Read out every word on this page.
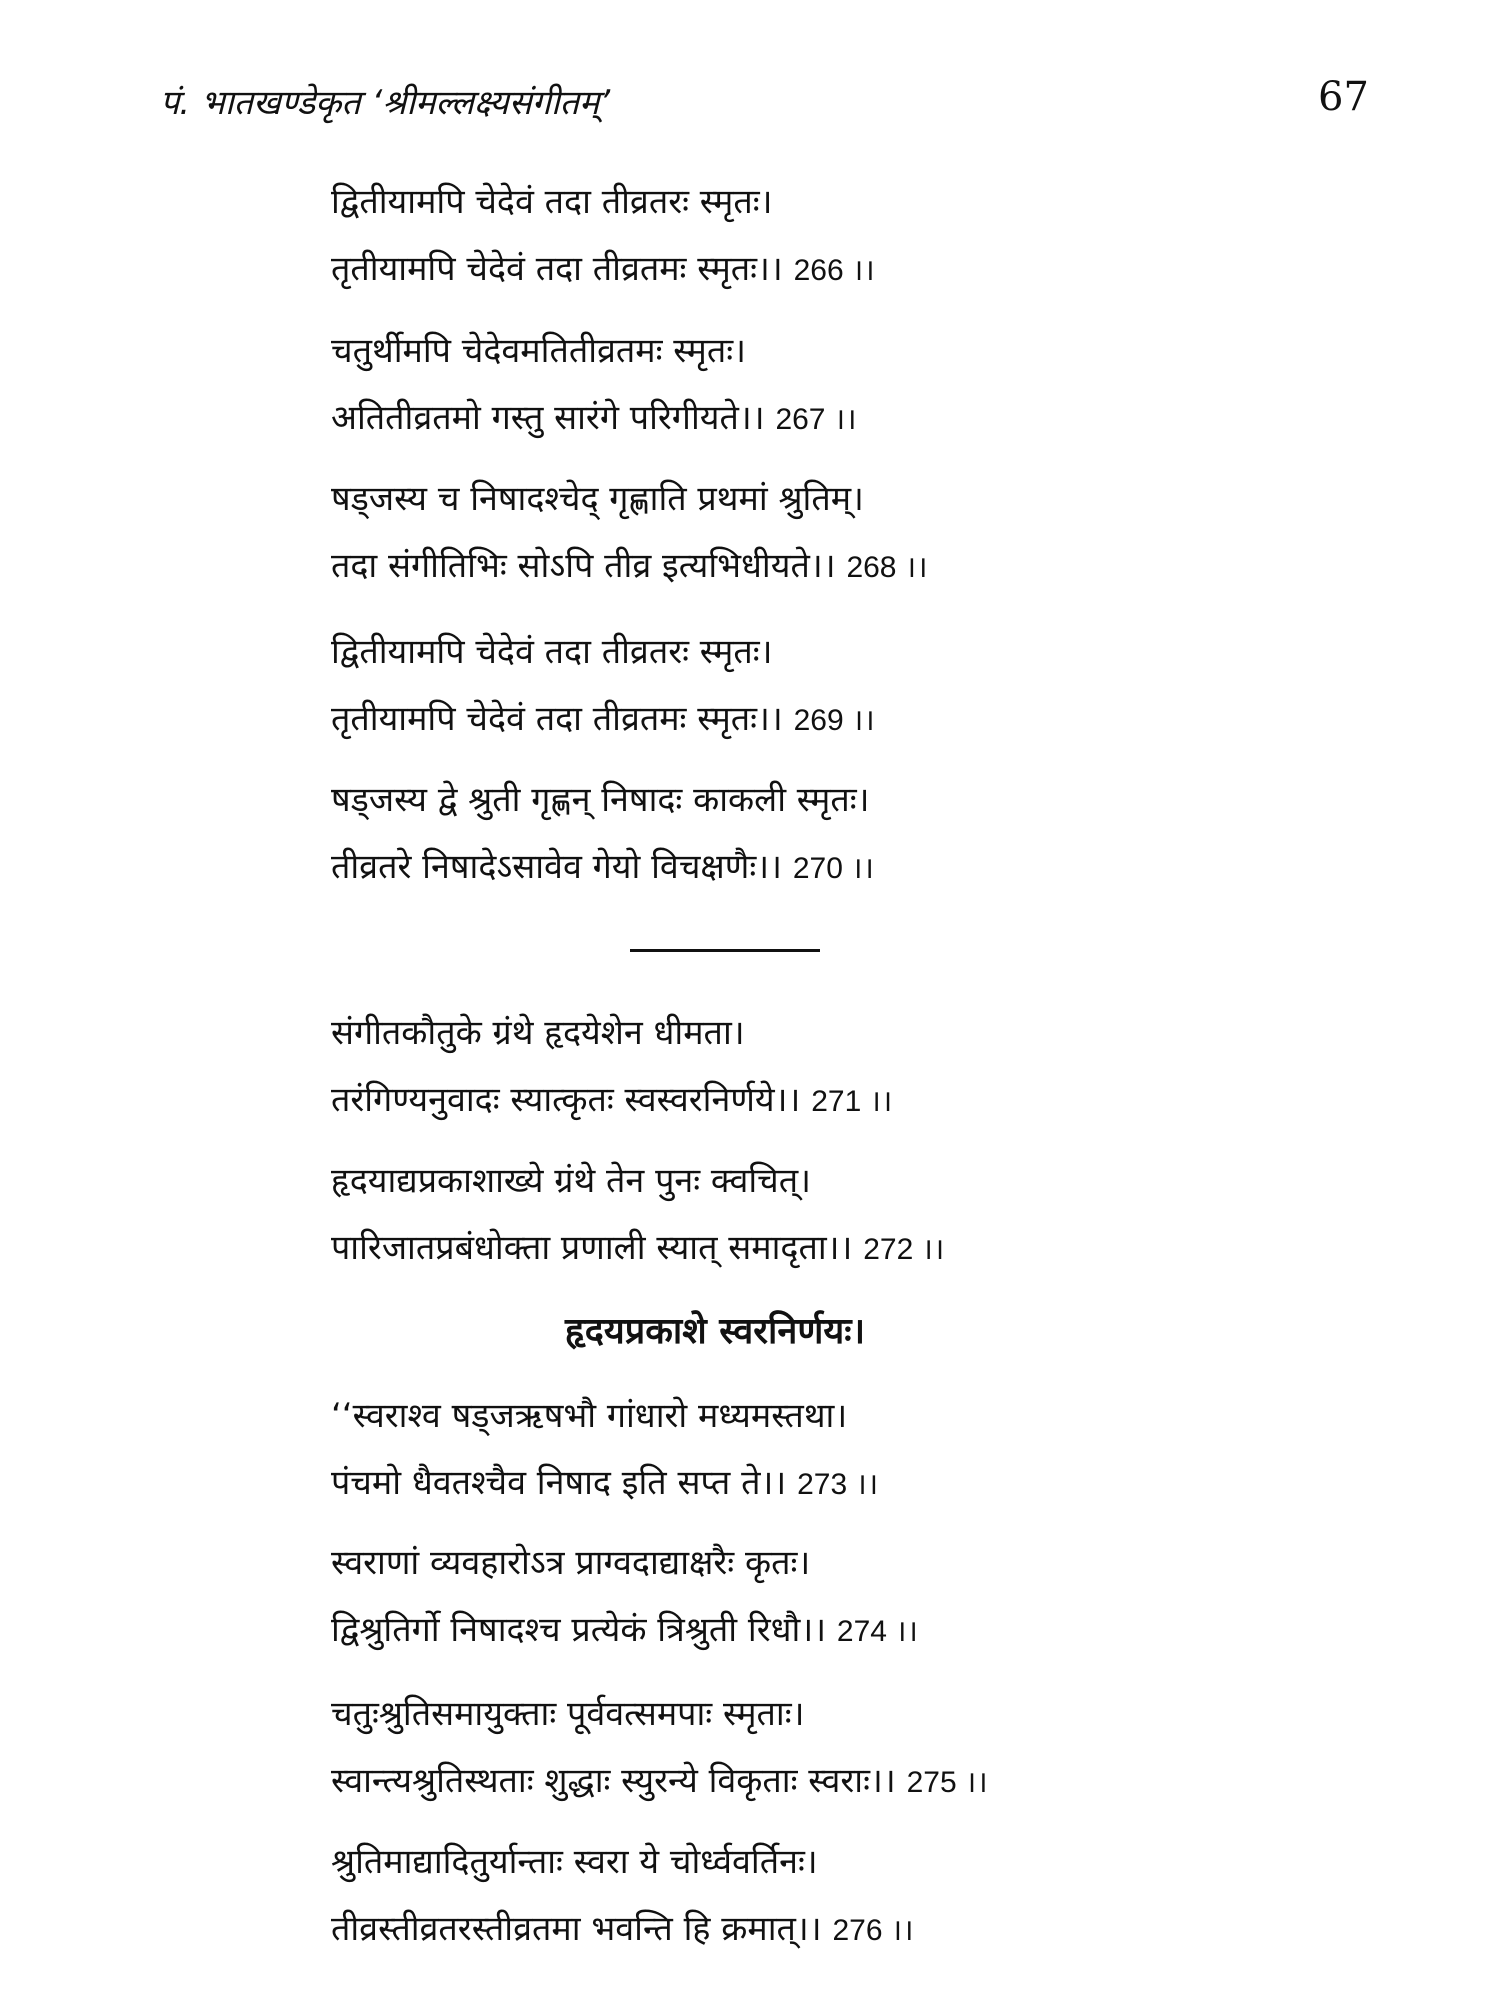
पं. भातखण्डेकृत ‘श्रीमल्लक्ष्यसंगीतम्’	67
द्वितीयामपि चेदेवं तदा तीव्रतरः स्मृतः।
तृतीयामपि चेदेवं तदा तीव्रतमः स्मृतः।। 266 ।।
चतुर्थीमपि चेदेवमतितीव्रतमः स्मृतः।
अतितीव्रतमो गस्तु सारंगे परिगीयते।। 267 ।।
षड्जस्य च निषादश्चेद् गृह्णाति प्रथमां श्रुतिम्।
तदा संगीतिभिः सोऽपि तीव्र इत्यभिधीयते।। 268 ।।
द्वितीयामपि चेदेवं तदा तीव्रतरः स्मृतः।
तृतीयामपि चेदेवं तदा तीव्रतमः स्मृतः।। 269 ।।
षड्जस्य द्वे श्रुती गृह्णन् निषादः काकली स्मृतः।
तीव्रतरे निषादेऽसावेव गेयो विचक्षणैः।। 270 ।।
संगीतकौतुके ग्रंथे हृदयेशेन धीमता।
तरंगिण्यनुवादः स्यात्कृतः स्वस्वरनिर्णये।। 271 ।।
हृदयाद्यप्रकाशाख्ये ग्रंथे तेन पुनः क्वचित्।
पारिजातप्रबंधोक्ता प्रणाली स्यात् समादृता।। 272 ।।
हृदयप्रकाशे स्वरनिर्णयः।
‘‘स्वराश्व षड्जऋषभौ गांधारो मध्यमस्तथा।
पंचमो धैवतश्चैव निषाद इति सप्त ते।। 273 ।।
स्वराणां व्यवहारोऽत्र प्राग्वदाद्याक्षरैः कृतः।
द्विश्रुतिर्गो निषादश्च प्रत्येकं त्रिश्रुती रिधौ।। 274 ।।
चतुःश्रुतिसमायुक्ताः पूर्ववत्समपाः स्मृताः।
स्वान्त्यश्रुतिस्थताः शुद्धाः स्युरन्ये विकृताः स्वराः।। 275 ।।
श्रुतिमाद्यादितुर्यान्ताः स्वरा ये चोर्ध्ववर्तिनः।
तीव्रस्तीव्रतरस्तीव्रतमा भवन्ति हि क्रमात्।। 276 ।।
